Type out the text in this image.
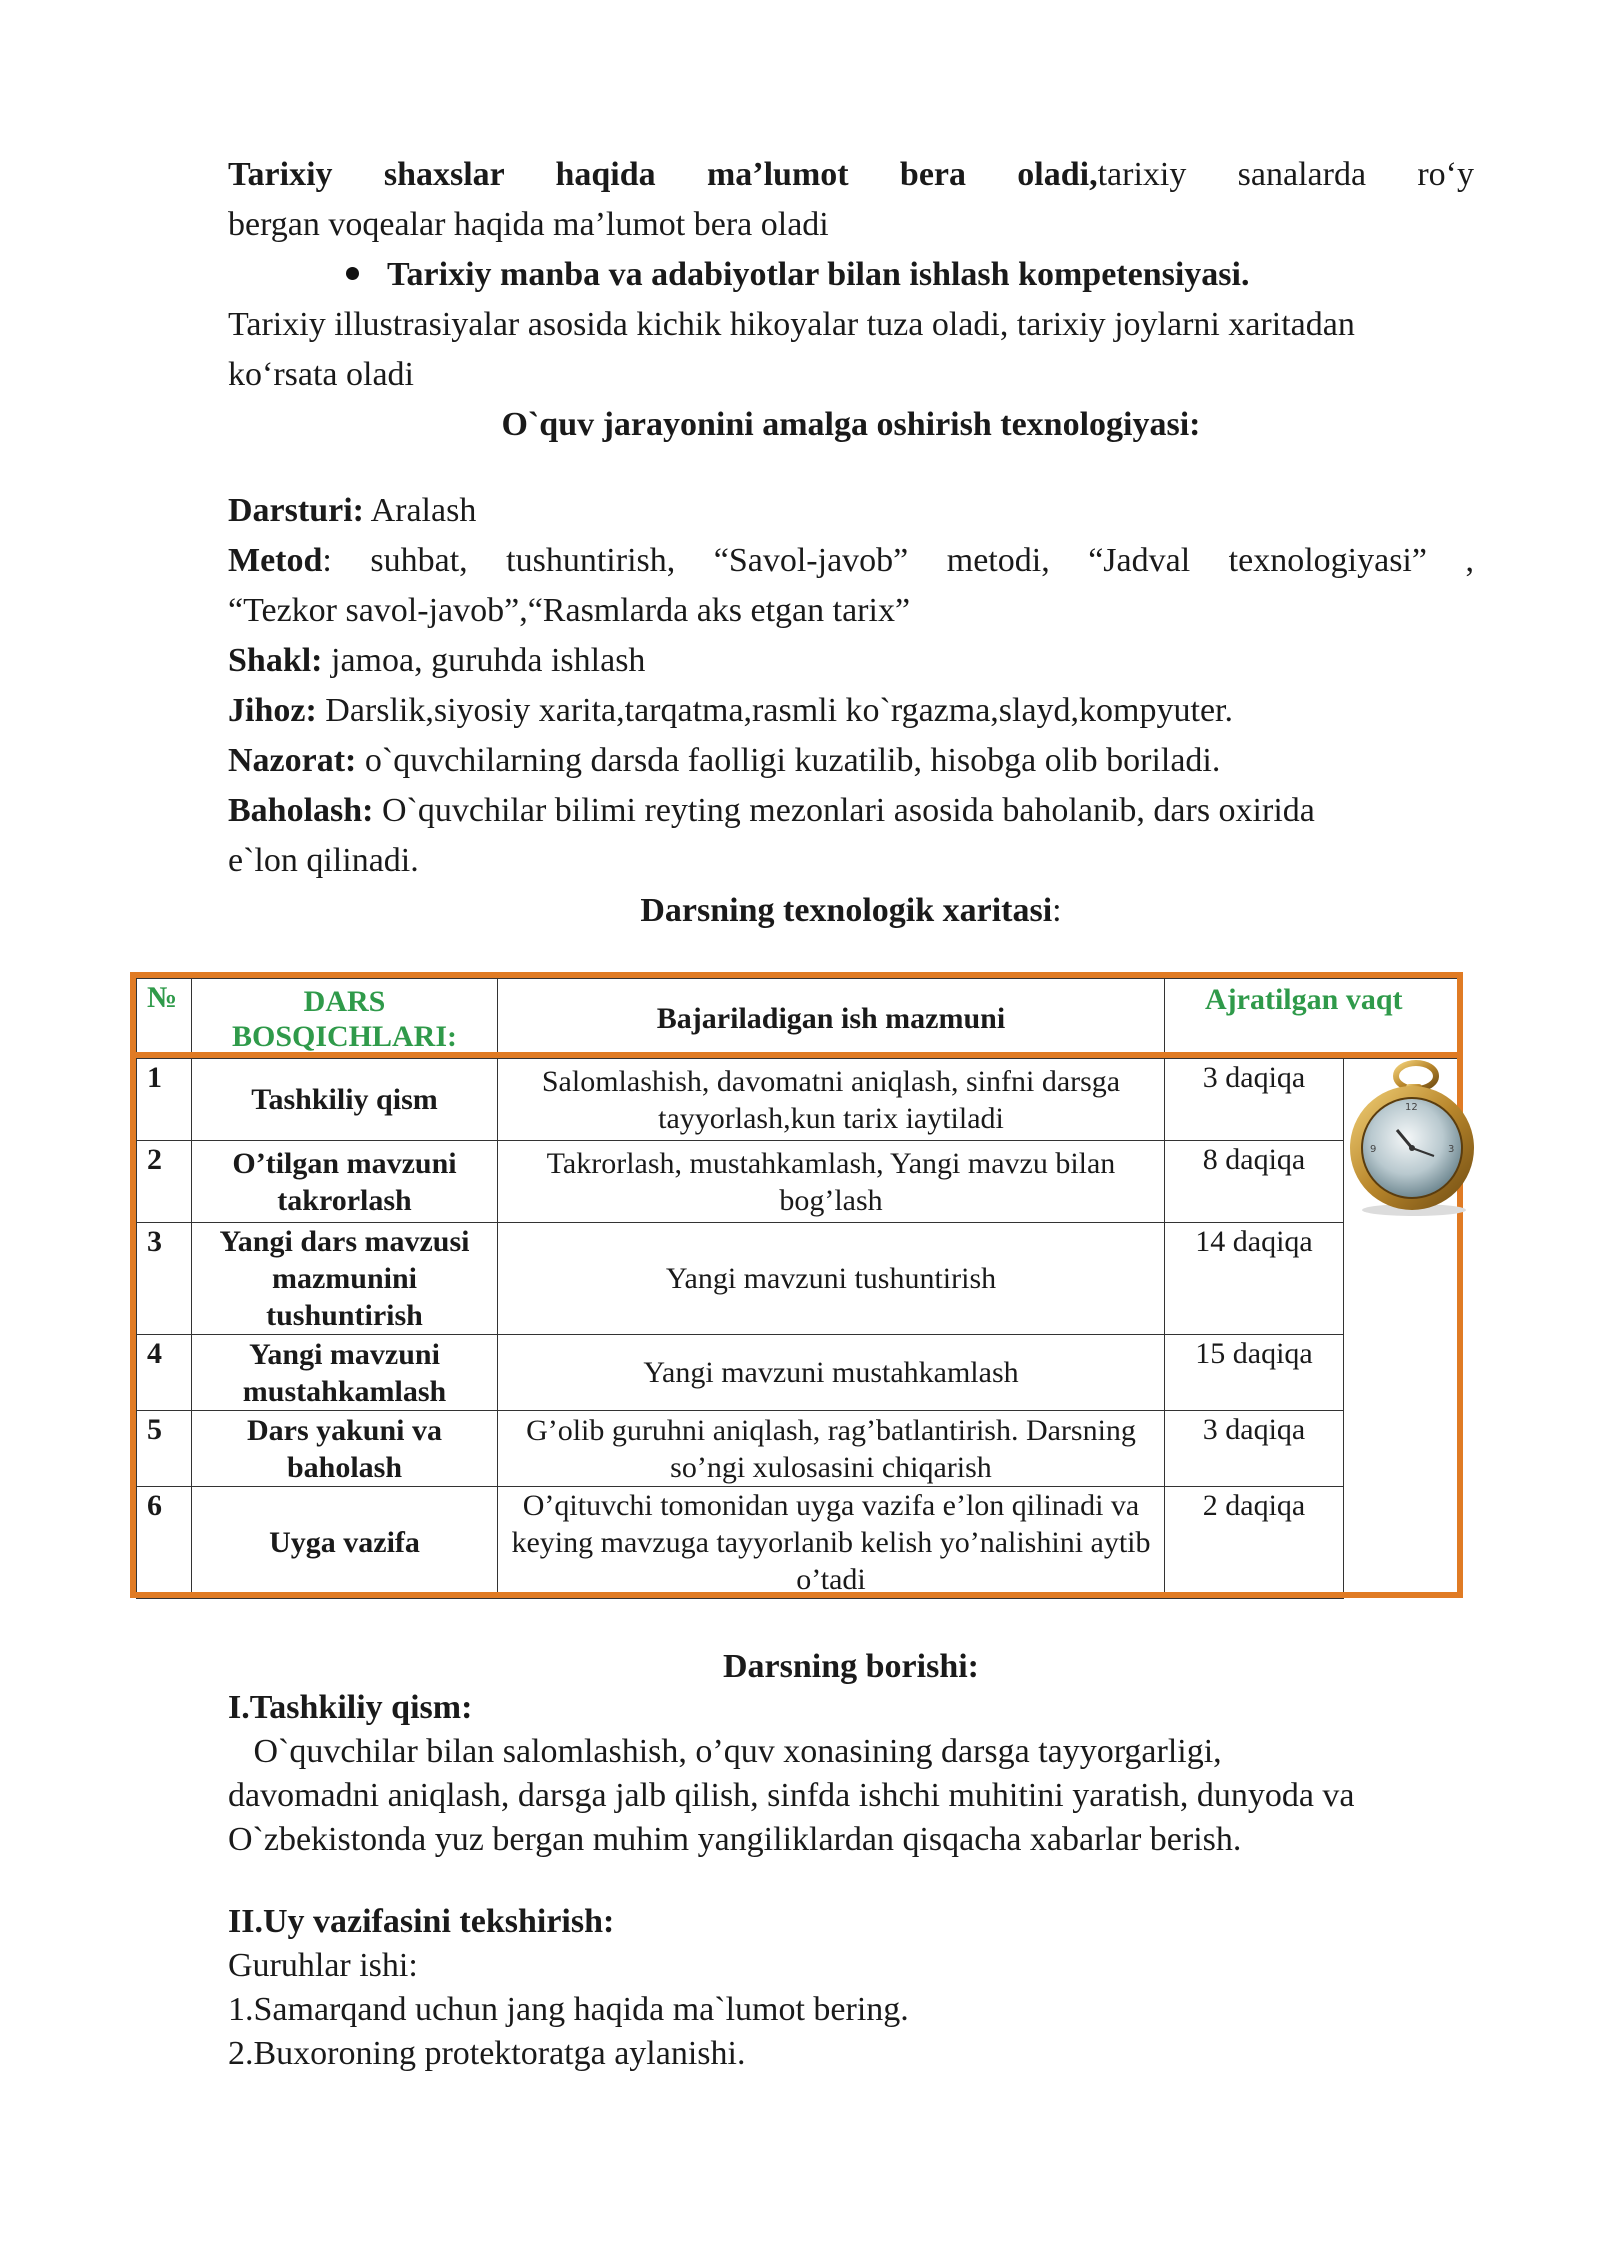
Tarixiy shaxslar haqida ma’lumot bera oladi,tarixiy sanalarda ro‘y
bergan voqealar haqida ma’lumot bera oladi
Tarixiy manba va adabiyotlar bilan ishlash kompetensiyasi.
Tarixiy illustrasiyalar asosida kichik hikoyalar tuza oladi, tarixiy joylarni xaritadan
ko‘rsata oladi
O`quv jarayonini amalga oshirish texnologiyasi:
Darsturi: Aralash
Metod: suhbat, tushuntirish, “Savol-javob” metodi, “Jadval texnologiyasi” ,
“Tezkor savol-javob”,“Rasmlarda aks etgan tarix”
Shakl: jamoa, guruhda ishlash
Jihoz: Darslik,siyosiy xarita,tarqatma,rasmli ko`rgazma,slayd,kompyuter.
Nazorat: o`quvchilarning darsda faolligi kuzatilib, hisobga olib boriladi.
Baholash: O`quvchilar bilimi reyting mezonlari asosida baholanib, dars oxirida
e`lon qilinadi.
Darsning texnologik xaritasi:
№	DARS BOSQICHLARI:	Bajariladigan ish mazmuni	Ajratilgan vaqt	
1	Tashkiliy qism	Salomlashish, davomatni aniqlash, sinfni darsga tayyorlash,kun tarix iaytiladi	3 daqiqa	
2	O’tilgan mavzuni takrorlash	Takrorlash, mustahkamlash, Yangi mavzu bilan bog’lash	8 daqiqa	
3	Yangi dars mavzusi mazmunini tushuntirish	Yangi mavzuni tushuntirish	14 daqiqa	
4	Yangi mavzuni mustahkamlash	Yangi mavzuni mustahkamlash	15 daqiqa	
5	Dars yakuni va baholash	G’olib guruhni aniqlash, rag’batlantirish. Darsning so’ngi xulosasini chiqarish	3 daqiqa	
6	Uyga vazifa	O’qituvchi tomonidan uyga vazifa e’lon qilinadi va keying mavzuga tayyorlanib kelish yo’nalishini aytib o’tadi	2 daqiqa	
12
9	3
Darsning borishi:
I.Tashkiliy qism:
O`quvchilar bilan salomlashish, o’quv xonasining darsga tayyorgarligi,
davomadni aniqlash, darsga jalb qilish, sinfda ishchi muhitini yaratish, dunyoda va
O`zbekistonda yuz bergan muhim yangiliklardan qisqacha xabarlar berish.
II.Uy vazifasini tekshirish:
Guruhlar ishi:
1.Samarqand uchun jang haqida ma`lumot bering.
2.Buxoroning protektoratga aylanishi.
